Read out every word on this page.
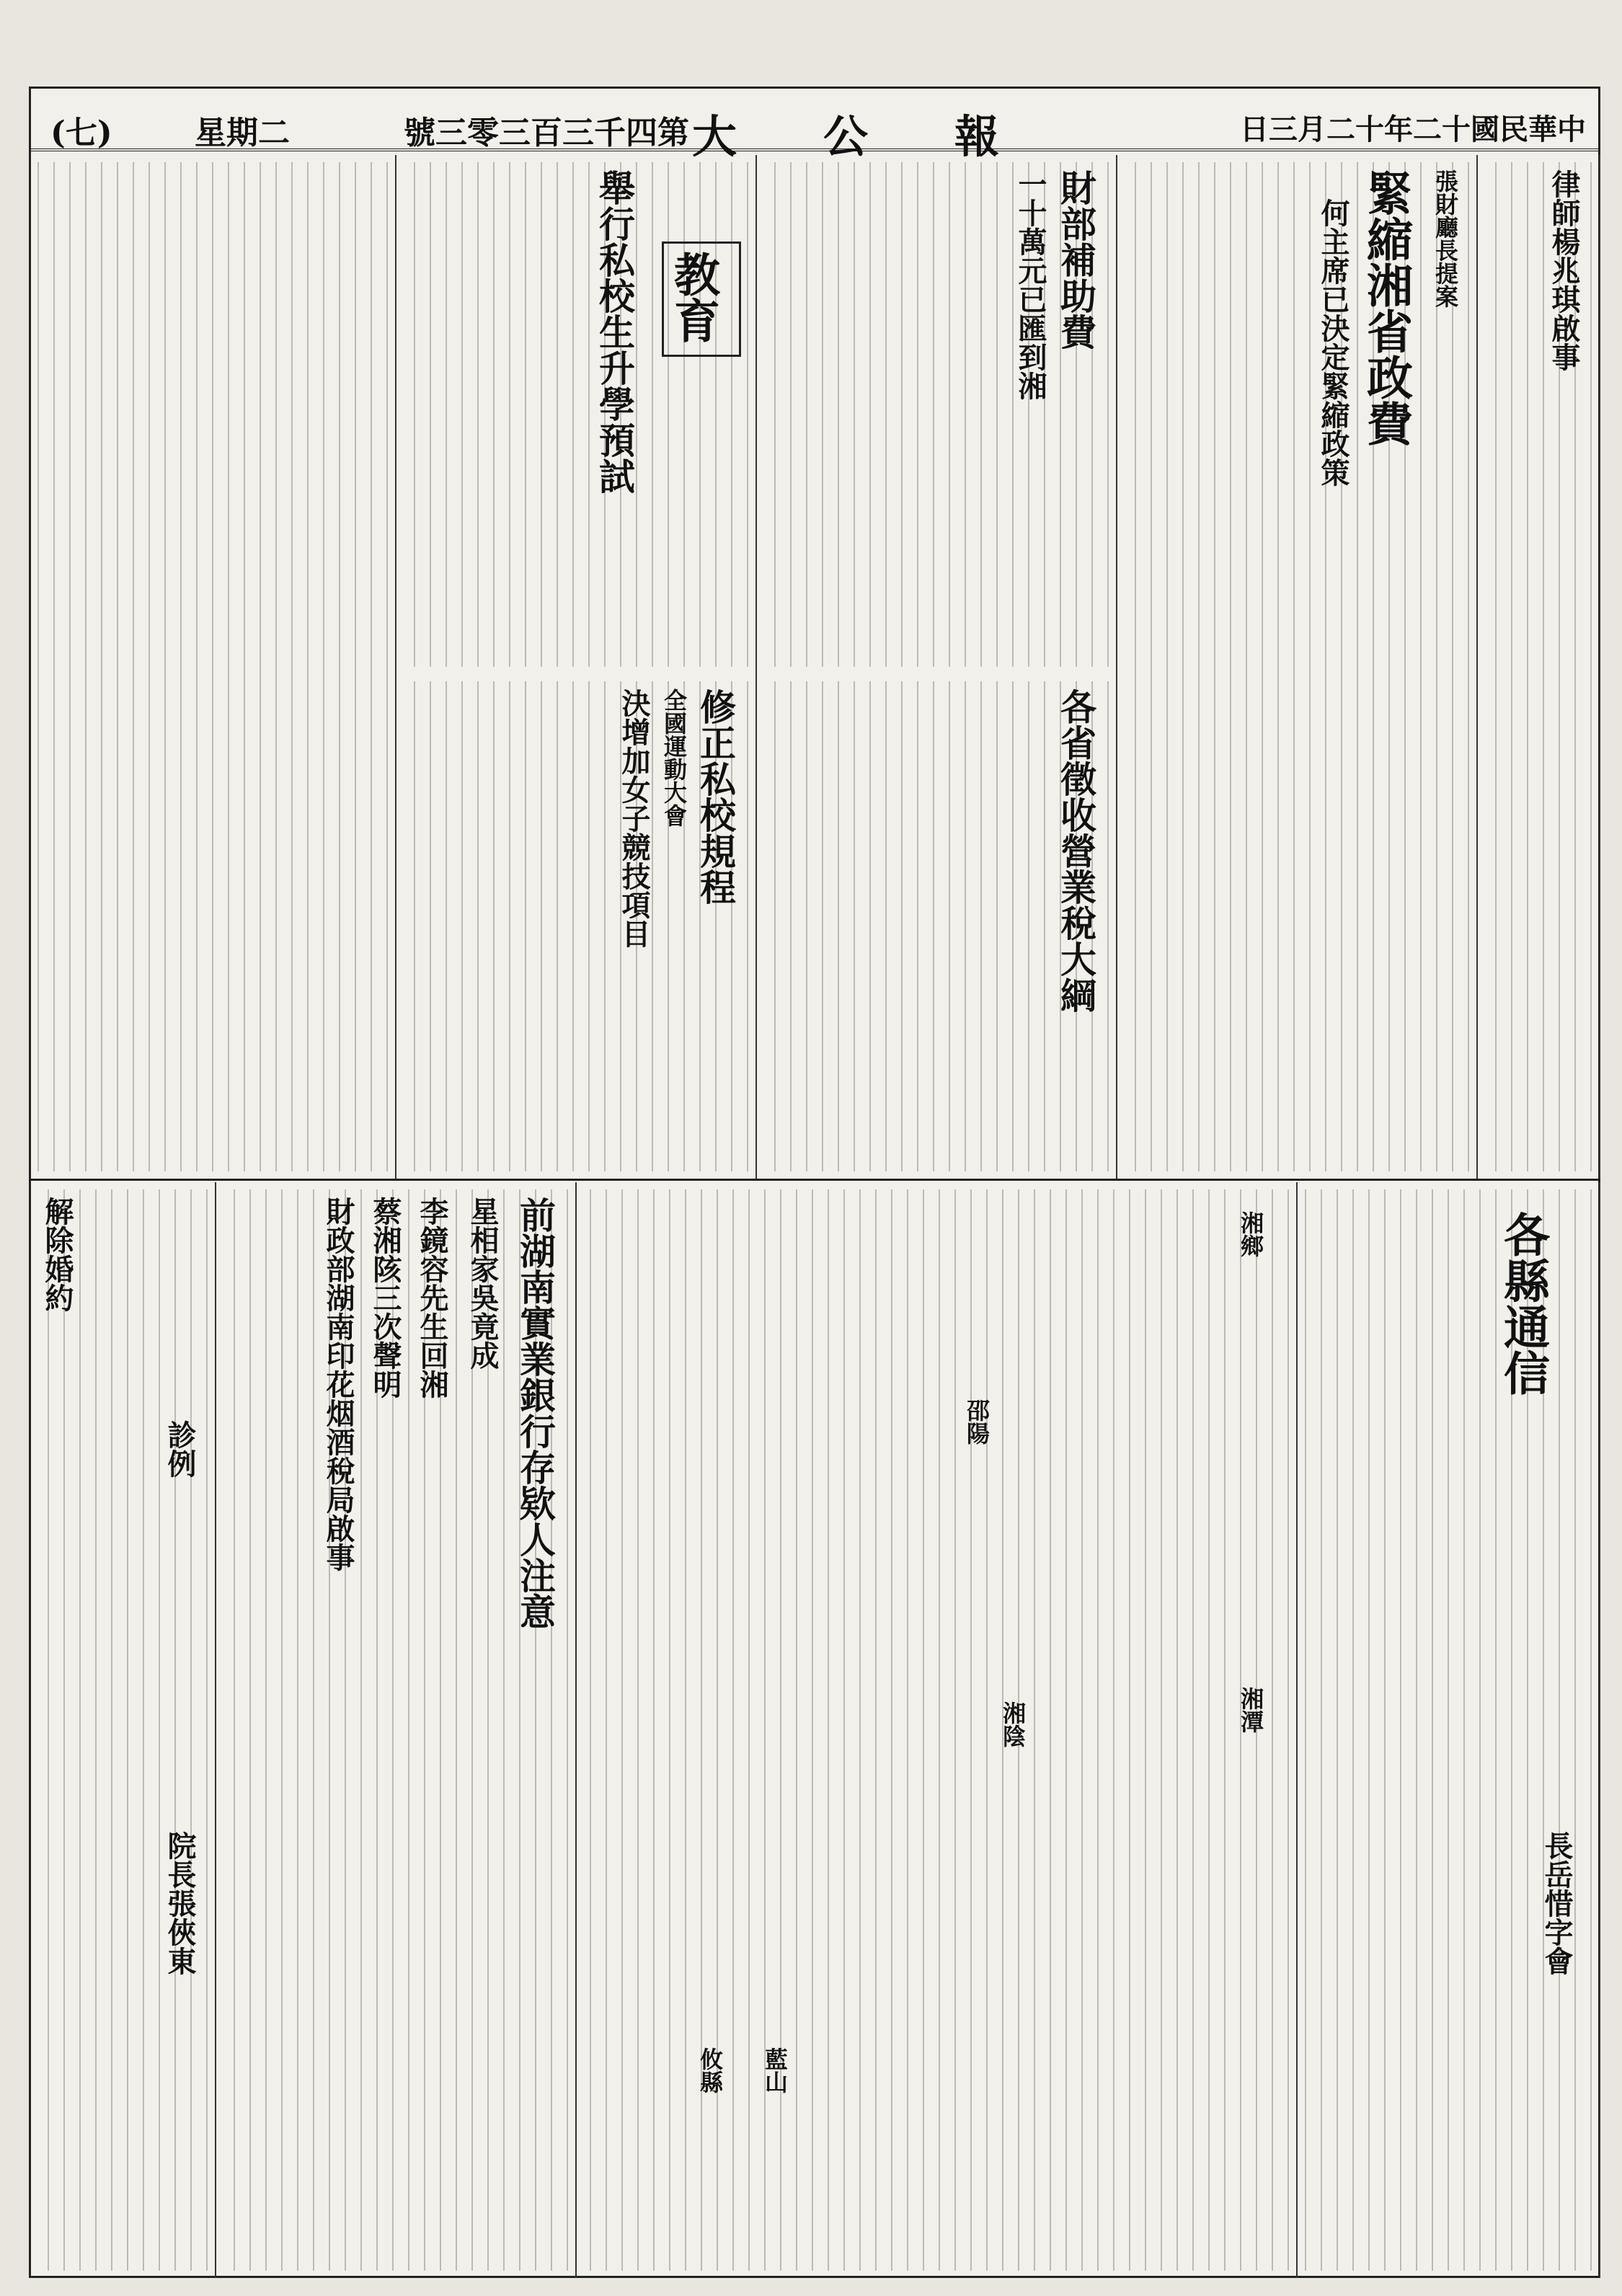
(七)	星期二	號三零三百三千四第 大公報	日三月二十年二十國民華中
律師楊兆琪啟事
張財廳長提案
緊縮湘省政費
何主席已決定緊縮政策
財部補助費
一十萬元已匯到湘
各省徵收營業稅大綱
教育
舉行私校生升學預試
修正私校規程
全國運動大會
決增加女子競技項目
各縣通信
長岳惜字會
湘鄉
邵陽
湘潭
湘陰
藍山
攸縣
前湖南實業銀行存欵人注意
星相家吳竟成
李鏡容先生回湘
蔡湘陔三次聲明
財政部湖南印花烟酒稅局啟事
診例
院長張俠東
解除婚約
